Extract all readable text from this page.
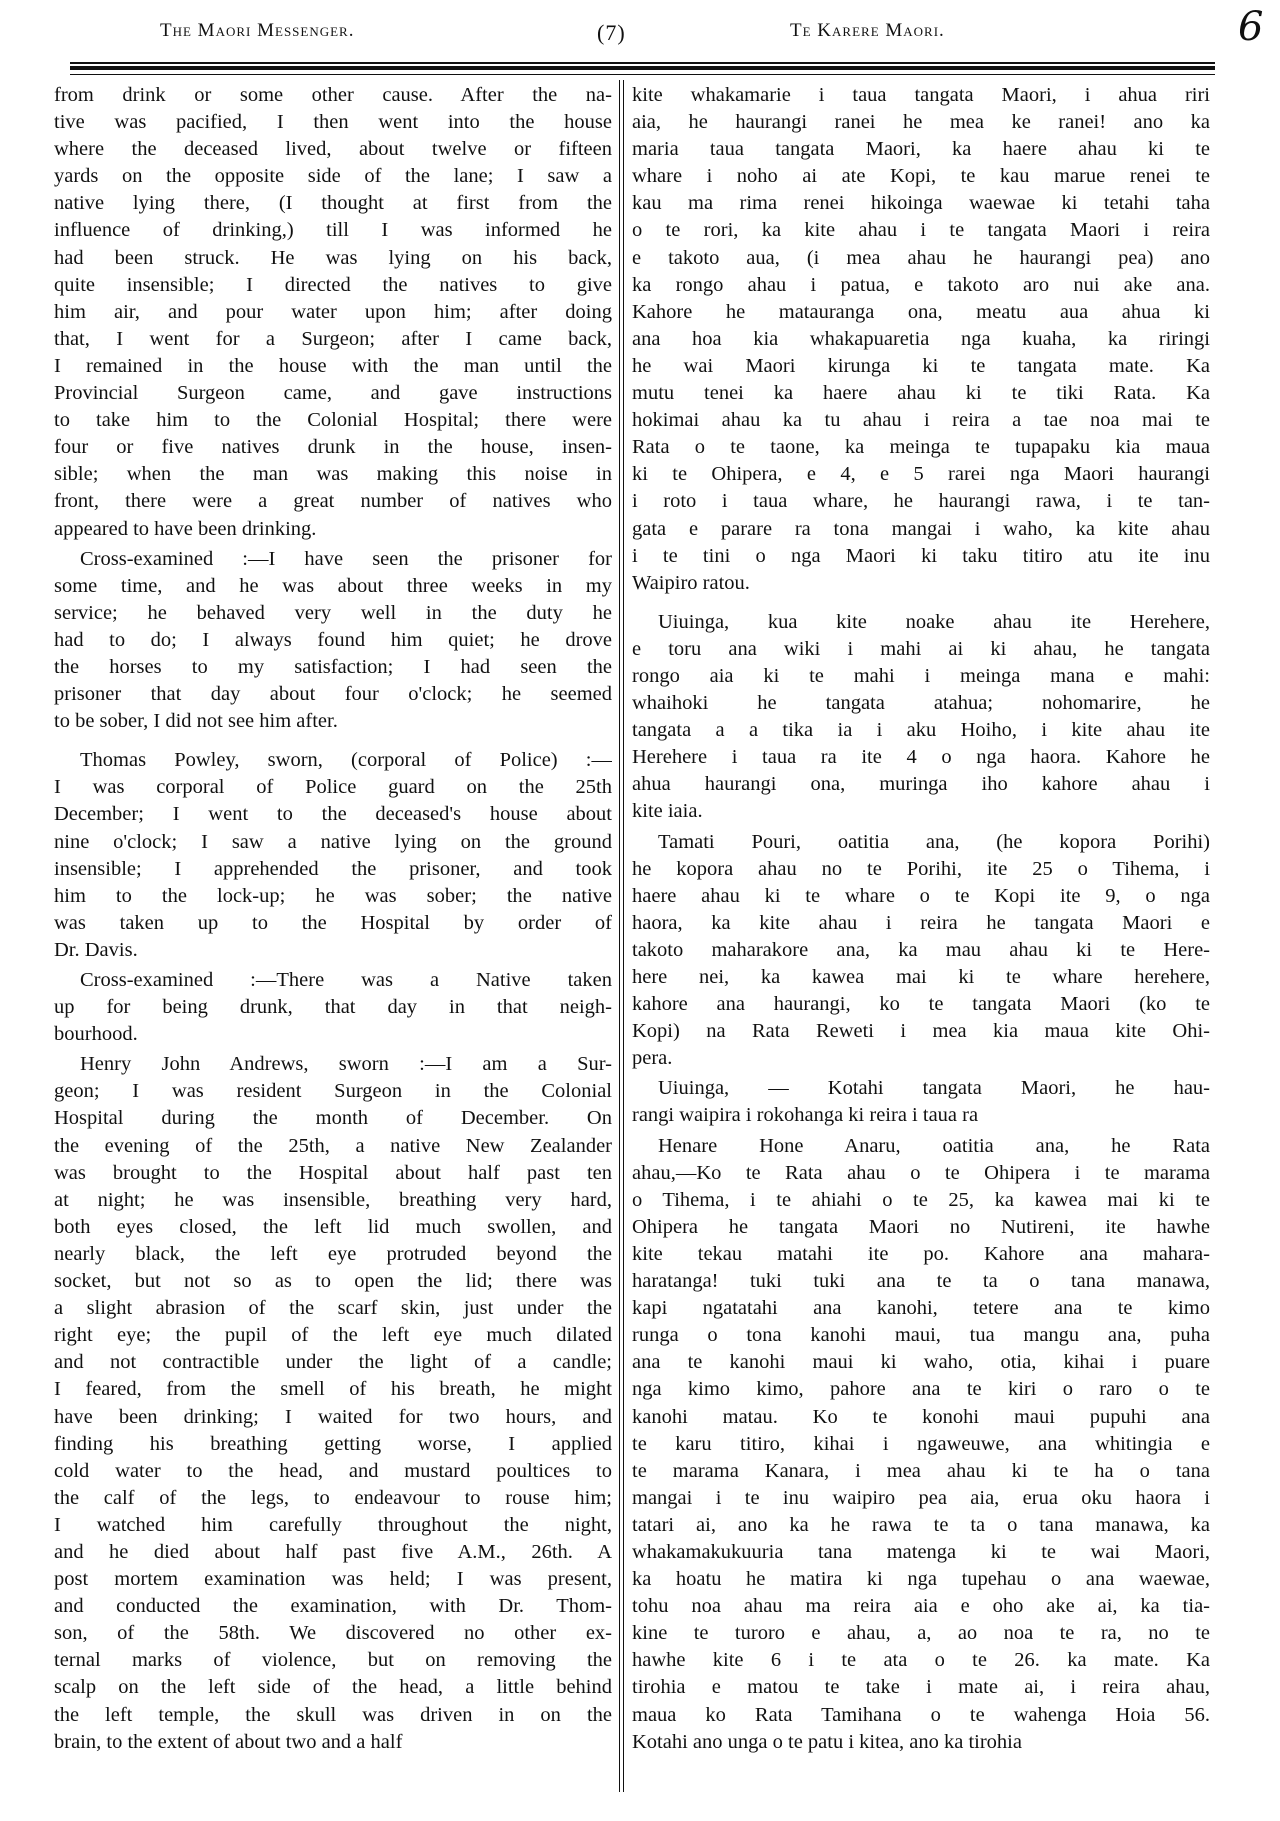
The Maori Messenger.	(7)	Te Karere Maori.	6
from drink or some other cause. After the na-
tive was pacified, I then went into the house
where the deceased lived, about twelve or fifteen
yards on the opposite side of the lane; I saw a
native lying there, (I thought at first from the
influence of drinking,) till I was informed he
had been struck. He was lying on his back,
quite insensible; I directed the natives to give
him air, and pour water upon him; after doing
that, I went for a Surgeon; after I came back,
I remained in the house with the man until the
Provincial Surgeon came, and gave instructions
to take him to the Colonial Hospital; there were
four or five natives drunk in the house, insen-
sible; when the man was making this noise in
front, there were a great number of natives who
appeared to have been drinking.
Cross-examined :—I have seen the prisoner for
some time, and he was about three weeks in my
service; he behaved very well in the duty he
had to do; I always found him quiet; he drove
the horses to my satisfaction; I had seen the
prisoner that day about four o'clock; he seemed
to be sober, I did not see him after.
Thomas Powley, sworn, (corporal of Police) :—
I was corporal of Police guard on the 25th
December; I went to the deceased's house about
nine o'clock; I saw a native lying on the ground
insensible; I apprehended the prisoner, and took
him to the lock-up; he was sober; the native
was taken up to the Hospital by order of
Dr. Davis.
Cross-examined :—There was a Native taken
up for being drunk, that day in that neigh-
bourhood.
Henry John Andrews, sworn :—I am a Sur-
geon; I was resident Surgeon in the Colonial
Hospital during the month of December. On
the evening of the 25th, a native New Zealander
was brought to the Hospital about half past ten
at night; he was insensible, breathing very hard,
both eyes closed, the left lid much swollen, and
nearly black, the left eye protruded beyond the
socket, but not so as to open the lid; there was
a slight abrasion of the scarf skin, just under the
right eye; the pupil of the left eye much dilated
and not contractible under the light of a candle;
I feared, from the smell of his breath, he might
have been drinking; I waited for two hours, and
finding his breathing getting worse, I applied
cold water to the head, and mustard poultices to
the calf of the legs, to endeavour to rouse him;
I watched him carefully throughout the night,
and he died about half past five A.M., 26th. A
post mortem examination was held; I was present,
and conducted the examination, with Dr. Thom-
son, of the 58th. We discovered no other ex-
ternal marks of violence, but on removing the
scalp on the left side of the head, a little behind
the left temple, the skull was driven in on the
brain, to the extent of about two and a half
kite whakamarie i taua tangata Maori, i ahua riri
aia, he haurangi ranei he mea ke ranei! ano ka
maria taua tangata Maori, ka haere ahau ki te
whare i noho ai ate Kopi, te kau marue renei te
kau ma rima renei hikoinga waewae ki tetahi taha
o te rori, ka kite ahau i te tangata Maori i reira
e takoto aua, (i mea ahau he haurangi pea) ano
ka rongo ahau i patua, e takoto aro nui ake ana.
Kahore he matauranga ona, meatu aua ahua ki
ana hoa kia whakapuaretia nga kuaha, ka riringi
he wai Maori kirunga ki te tangata mate. Ka
mutu tenei ka haere ahau ki te tiki Rata. Ka
hokimai ahau ka tu ahau i reira a tae noa mai te
Rata o te taone, ka meinga te tupapaku kia maua
ki te Ohipera, e 4, e 5 rarei nga Maori haurangi
i roto i taua whare, he haurangi rawa, i te tan-
gata e parare ra tona mangai i waho, ka kite ahau
i te tini o nga Maori ki taku titiro atu ite inu
Waipiro ratou.
Uiuinga, kua kite noake ahau ite Herehere,
e toru ana wiki i mahi ai ki ahau, he tangata
rongo aia ki te mahi i meinga mana e mahi:
whaihoki he tangata atahua; nohomarire, he
tangata a a tika ia i aku Hoiho, i kite ahau ite
Herehere i taua ra ite 4 o nga haora. Kahore he
ahua haurangi ona, muringa iho kahore ahau i
kite iaia.
Tamati Pouri, oatitia ana, (he kopora Porihi)
he kopora ahau no te Porihi, ite 25 o Tihema, i
haere ahau ki te whare o te Kopi ite 9, o nga
haora, ka kite ahau i reira he tangata Maori e
takoto maharakore ana, ka mau ahau ki te Here-
here nei, ka kawea mai ki te whare herehere,
kahore ana haurangi, ko te tangata Maori (ko te
Kopi) na Rata Reweti i mea kia maua kite Ohi-
pera.
Uiuinga, — Kotahi tangata Maori, he hau-
rangi waipira i rokohanga ki reira i taua ra
Henare Hone Anaru, oatitia ana, he Rata
ahau,—Ko te Rata ahau o te Ohipera i te marama
o Tihema, i te ahiahi o te 25, ka kawea mai ki te
Ohipera he tangata Maori no Nutireni, ite hawhe
kite tekau matahi ite po. Kahore ana mahara-
haratanga! tuki tuki ana te ta o tana manawa,
kapi ngatatahi ana kanohi, tetere ana te kimo
runga o tona kanohi maui, tua mangu ana, puha
ana te kanohi maui ki waho, otia, kihai i puare
nga kimo kimo, pahore ana te kiri o raro o te
kanohi matau. Ko te konohi maui pupuhi ana
te karu titiro, kihai i ngaweuwe, ana whitingia e
te marama Kanara, i mea ahau ki te ha o tana
mangai i te inu waipiro pea aia, erua oku haora i
tatari ai, ano ka he rawa te ta o tana manawa, ka
whakamakukuuria tana matenga ki te wai Maori,
ka hoatu he matira ki nga tupehau o ana waewae,
tohu noa ahau ma reira aia e oho ake ai, ka tia-
kine te turoro e ahau, a, ao noa te ra, no te
hawhe kite 6 i te ata o te 26. ka mate. Ka
tirohia e matou te take i mate ai, i reira ahau,
maua ko Rata Tamihana o te wahenga Hoia 56.
Kotahi ano unga o te patu i kitea, ano ka tirohia
